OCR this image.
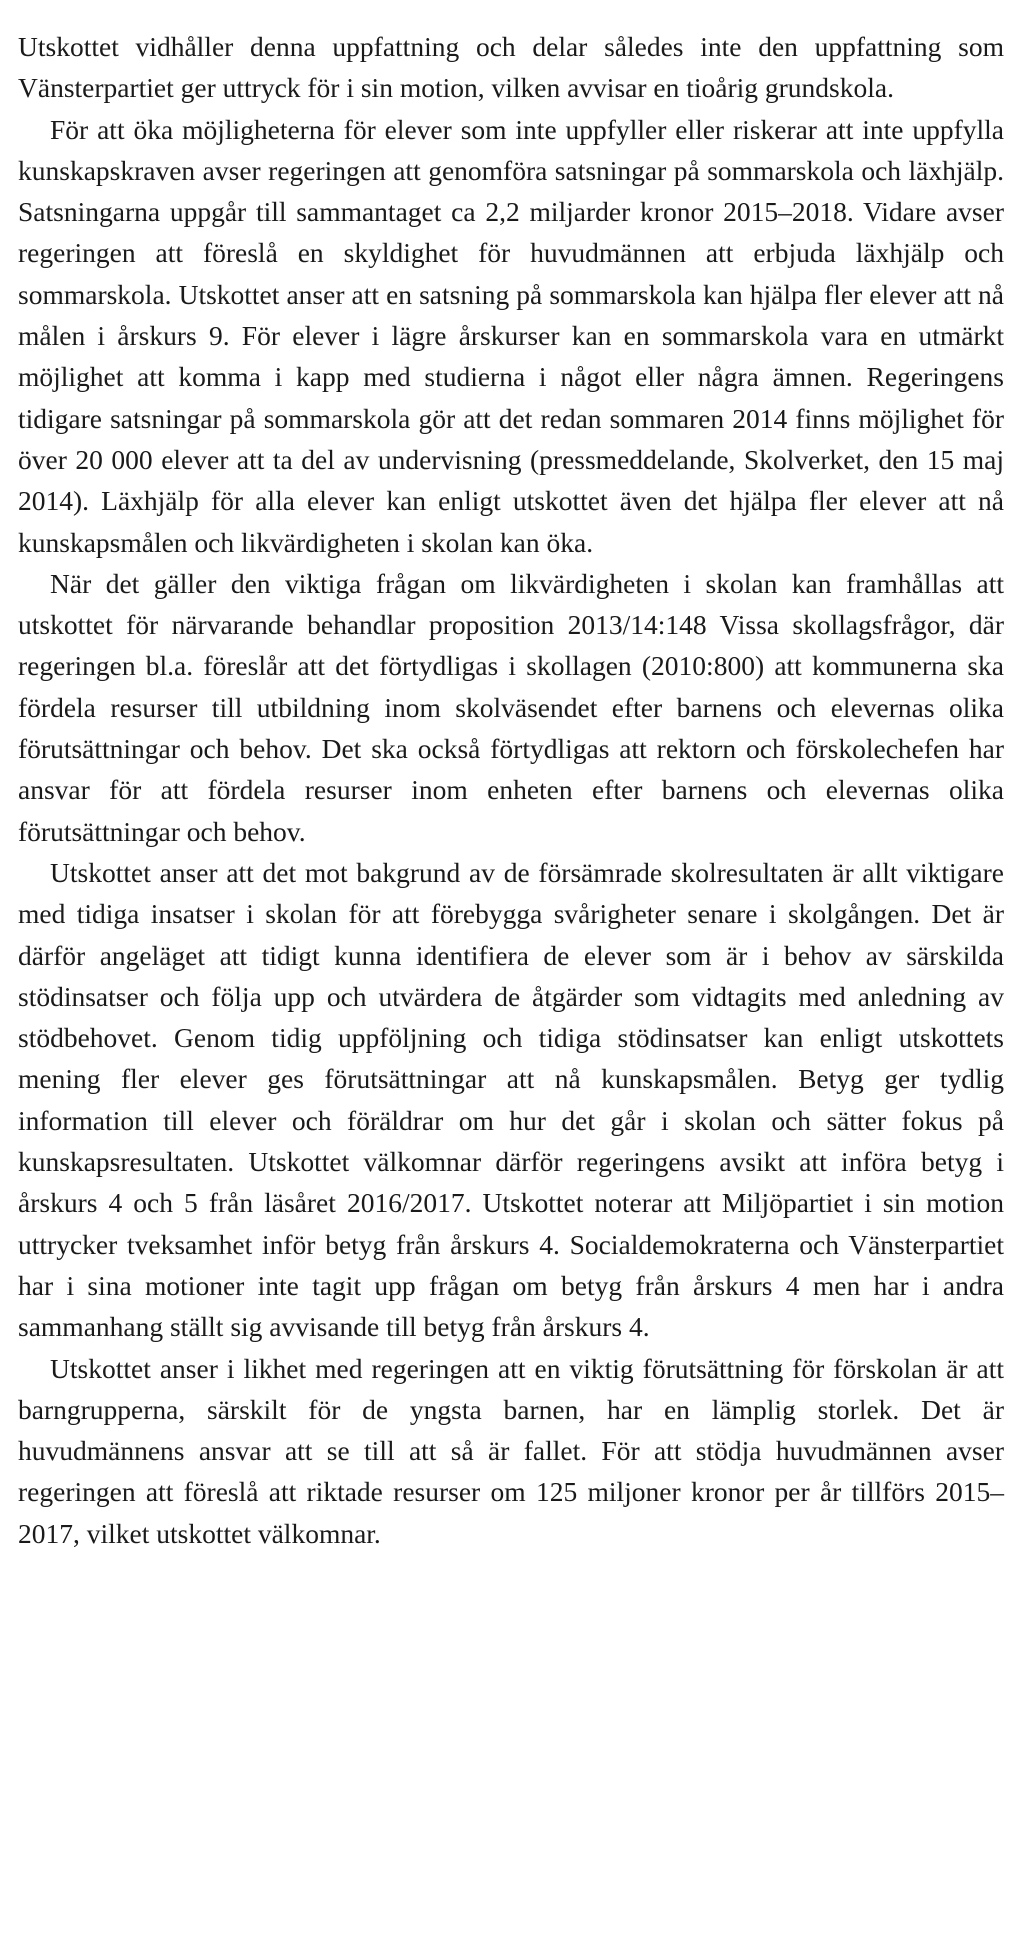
Utskottet vidhåller denna uppfattning och delar således inte den uppfattning som Vänsterpartiet ger uttryck för i sin motion, vilken avvisar en tioårig grundskola.

För att öka möjligheterna för elever som inte uppfyller eller riskerar att inte uppfylla kunskapskraven avser regeringen att genomföra satsningar på sommarskola och läxhjälp. Satsningarna uppgår till sammantaget ca 2,2 miljarder kronor 2015–2018. Vidare avser regeringen att föreslå en skyldighet för huvudmännen att erbjuda läxhjälp och sommarskola. Utskottet anser att en satsning på sommarskola kan hjälpa fler elever att nå målen i årskurs 9. För elever i lägre årskurser kan en sommarskola vara en utmärkt möjlighet att komma i kapp med studierna i något eller några ämnen. Regeringens tidigare satsningar på sommarskola gör att det redan sommaren 2014 finns möjlighet för över 20 000 elever att ta del av undervisning (pressmeddelande, Skolverket, den 15 maj 2014). Läxhjälp för alla elever kan enligt utskottet även det hjälpa fler elever att nå kunskapsmålen och likvärdigheten i skolan kan öka.

När det gäller den viktiga frågan om likvärdigheten i skolan kan framhållas att utskottet för närvarande behandlar proposition 2013/14:148 Vissa skollagsfrågor, där regeringen bl.a. föreslår att det förtydligas i skollagen (2010:800) att kommunerna ska fördela resurser till utbildning inom skolväsendet efter barnens och elevernas olika förutsättningar och behov. Det ska också förtydligas att rektorn och förskolechefen har ansvar för att fördela resurser inom enheten efter barnens och elevernas olika förutsättningar och behov.

Utskottet anser att det mot bakgrund av de försämrade skolresultaten är allt viktigare med tidiga insatser i skolan för att förebygga svårigheter senare i skolgången. Det är därför angeläget att tidigt kunna identifiera de elever som är i behov av särskilda stödinsatser och följa upp och utvärdera de åtgärder som vidtagits med anledning av stödbehovet. Genom tidig uppföljning och tidiga stödinsatser kan enligt utskottets mening fler elever ges förutsättningar att nå kunskapsmålen. Betyg ger tydlig information till elever och föräldrar om hur det går i skolan och sätter fokus på kunskapsresultaten. Utskottet välkomnar därför regeringens avsikt att införa betyg i årskurs 4 och 5 från läsåret 2016/2017. Utskottet noterar att Miljöpartiet i sin motion uttrycker tveksamhet inför betyg från årskurs 4. Socialdemokraterna och Vänsterpartiet har i sina motioner inte tagit upp frågan om betyg från årskurs 4 men har i andra sammanhang ställt sig avvisande till betyg från årskurs 4.

Utskottet anser i likhet med regeringen att en viktig förutsättning för förskolan är att barngrupperna, särskilt för de yngsta barnen, har en lämplig storlek. Det är huvudmännens ansvar att se till att så är fallet. För att stödja huvudmännen avser regeringen att föreslå att riktade resurser om 125 miljoner kronor per år tillförs 2015–2017, vilket utskottet välkomnar.
